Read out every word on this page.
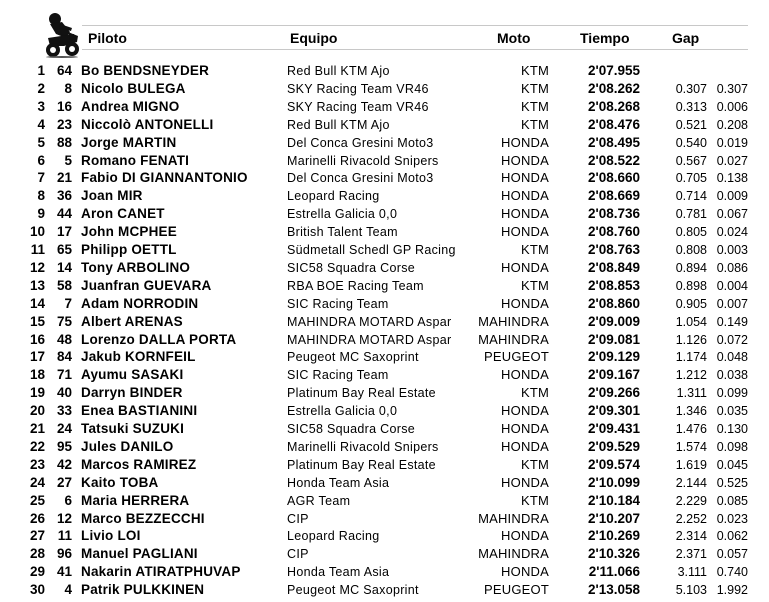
Piloto	Equipo	Moto	Tiempo	Gap
1 64 Bo BENDSNEYDER	Red Bull KTM Ajo	KTM	2'07.955
2	8 Nicolo BULEGA	SKY Racing Team VR46	KTM	2'08.262	0.307 0.307
3 16 Andrea MIGNO	SKY Racing Team VR46	KTM	2'08.268	0.313 0.006
4 23 Niccolò ANTONELLI	Red Bull KTM Ajo	KTM	2'08.476	0.521 0.208
5 88 Jorge MARTIN	Del Conca Gresini Moto3	HONDA	2'08.495	0.540 0.019
6	5 Romano FENATI	Marinelli Rivacold Snipers	HONDA	2'08.522	0.567 0.027
7 21 Fabio DI GIANNANTONIO	Del Conca Gresini Moto3	HONDA	2'08.660	0.705 0.138
8 36 Joan MIR	Leopard Racing	HONDA	2'08.669	0.714 0.009
9 44 Aron CANET	Estrella Galicia 0,0	HONDA	2'08.736	0.781 0.067
10 17 John MCPHEE	British Talent Team	HONDA	2'08.760	0.805 0.024
11 65 Philipp OETTL	Südmetall Schedl GP Racing	KTM	2'08.763	0.808 0.003
12 14 Tony ARBOLINO	SIC58 Squadra Corse	HONDA	2'08.849	0.894 0.086
13 58 Juanfran GUEVARA	RBA BOE Racing Team	KTM	2'08.853	0.898 0.004
14	7 Adam NORRODIN	SIC Racing Team	HONDA	2'08.860	0.905 0.007
15 75 Albert ARENAS	MAHINDRA MOTARD Aspar	MAHINDRA	2'09.009	1.054 0.149
16 48 Lorenzo DALLA PORTA	MAHINDRA MOTARD Aspar	MAHINDRA	2'09.081	1.126 0.072
17 84 Jakub KORNFEIL	Peugeot MC Saxoprint	PEUGEOT	2'09.129	1.174 0.048
18 71 Ayumu SASAKI	SIC Racing Team	HONDA	2'09.167	1.212 0.038
19 40 Darryn BINDER	Platinum Bay Real Estate	KTM	2'09.266	1.311 0.099
20 33 Enea BASTIANINI	Estrella Galicia 0,0	HONDA	2'09.301	1.346 0.035
21 24 Tatsuki SUZUKI	SIC58 Squadra Corse	HONDA	2'09.431	1.476 0.130
22 95 Jules DANILO	Marinelli Rivacold Snipers	HONDA	2'09.529	1.574 0.098
23 42 Marcos RAMIREZ	Platinum Bay Real Estate	KTM	2'09.574	1.619 0.045
24 27 Kaito TOBA	Honda Team Asia	HONDA	2'10.099	2.144 0.525
25	6 Maria HERRERA	AGR Team	KTM	2'10.184	2.229 0.085
26 12 Marco BEZZECCHI	CIP	MAHINDRA	2'10.207	2.252 0.023
27 11 Livio LOI	Leopard Racing	HONDA	2'10.269	2.314 0.062
28 96 Manuel PAGLIANI	CIP	MAHINDRA	2'10.326	2.371 0.057
29 41 Nakarin ATIRATPHUVAP	Honda Team Asia	HONDA	2'11.066	3.111 0.740
30	4 Patrik PULKKINEN	Peugeot MC Saxoprint	PEUGEOT	2'13.058	5.103 1.992
